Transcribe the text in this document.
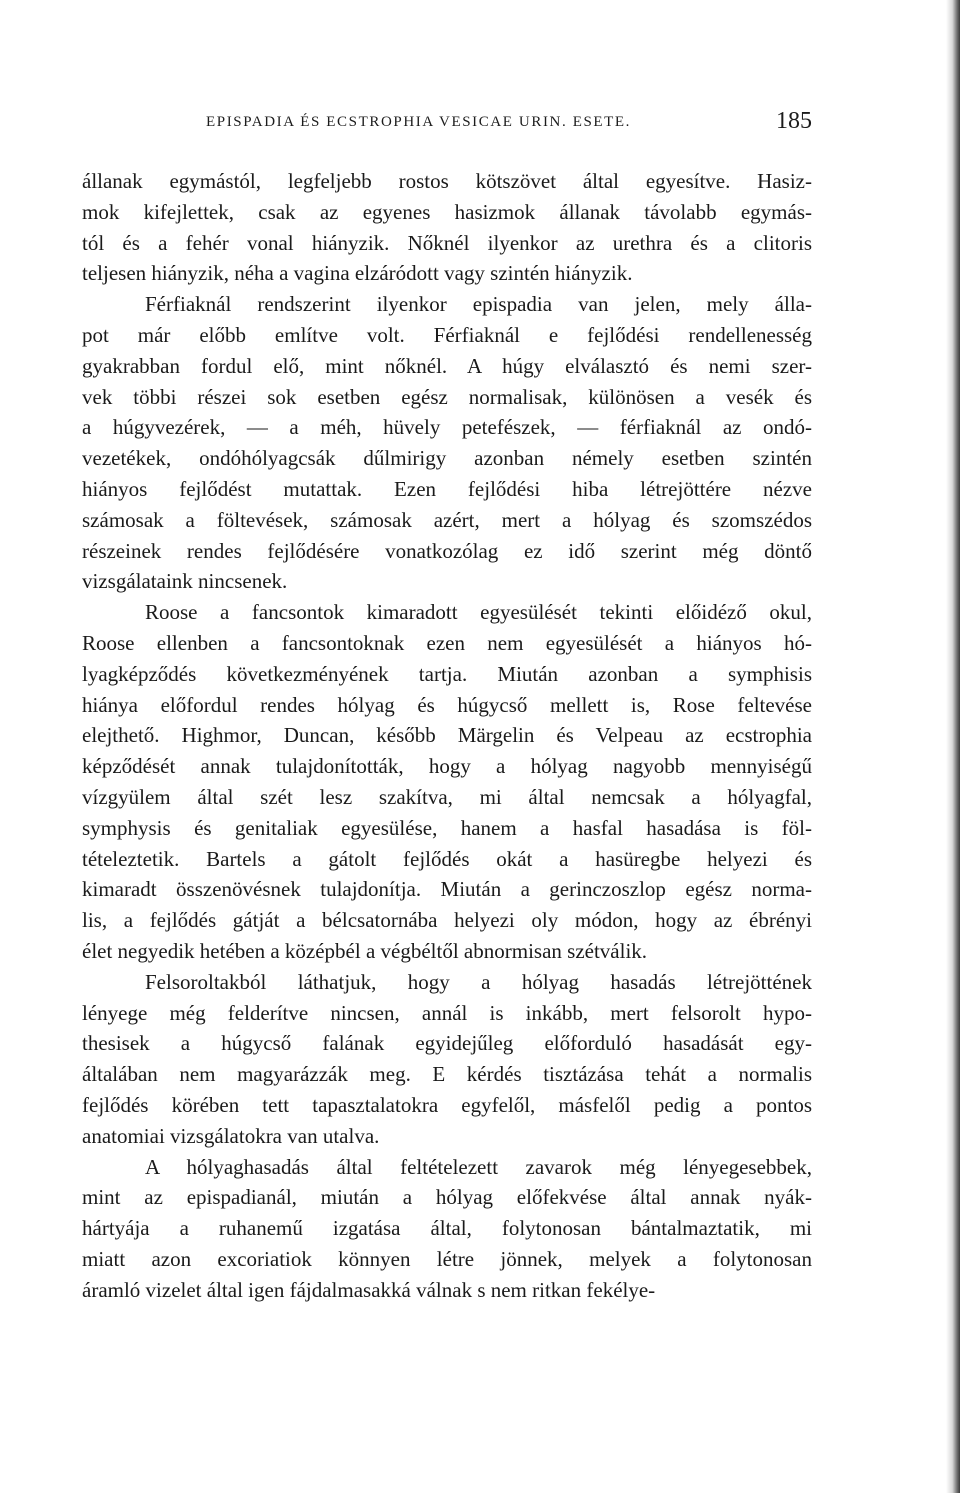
EPISPADIA ÉS ECSTROPHIA VESICAE URIN. ESETE.	185
állanak egymástól, legfeljebb rostos kötszövet által egyesítve. Hasiz-
mok kifejlettek, csak az egyenes hasizmok állanak távolabb egymás-
tól és a fehér vonal hiányzik. Nőknél ilyenkor az urethra és a clitoris
teljesen hiányzik, néha a vagina elzáródott vagy szintén hiányzik.
Férfiaknál rendszerint ilyenkor epispadia van jelen, mely álla-
pot már előbb említve volt. Férfiaknál e fejlődési rendellenesség
gyakrabban fordul elő, mint nőknél. A húgy elválasztó és nemi szer-
vek többi részei sok esetben egész normalisak, különösen a vesék és
a húgyvezérek, — a méh, hüvely petefészek, — férfiaknál az ondó-
vezetékek, ondóhólyagcsák dűlmirigy azonban némely esetben szintén
hiányos fejlődést mutattak. Ezen fejlődési hiba létrejöttére nézve
számosak a föltevések, számosak azért, mert a hólyag és szomszédos
részeinek rendes fejlődésére vonatkozólag ez idő szerint még döntő
vizsgálataink nincsenek.
Roose a fancsontok kimaradott egyesülését tekinti előidéző okul,
Roose ellenben a fancsontoknak ezen nem egyesülését a hiányos hó-
lyagképződés következményének tartja. Miután azonban a symphisis
hiánya előfordul rendes hólyag és húgycső mellett is, Rose feltevése
elejthető. Highmor, Duncan, később Märgelin és Velpeau az ecstrophia
képződését annak tulajdonították, hogy a hólyag nagyobb mennyiségű
vízgyülem által szét lesz szakítva, mi által nemcsak a hólyagfal,
symphysis és genitaliak egyesülése, hanem a hasfal hasadása is föl-
tételeztetik. Bartels a gátolt fejlődés okát a hasüregbe helyezi és
kimaradt összenövésnek tulajdonítja. Miután a gerinczoszlop egész norma-
lis, a fejlődés gátját a bélcsatornába helyezi oly módon, hogy az ébrényi
élet negyedik hetében a középbél a végbéltől abnormisan szétválik.
Felsoroltakból láthatjuk, hogy a hólyag hasadás létrejöttének
lényege még felderítve nincsen, annál is inkább, mert felsorolt hypo-
thesisek a húgycső falának egyidejűleg előforduló hasadását egy-
általában nem magyarázzák meg. E kérdés tisztázása tehát a normalis
fejlődés körében tett tapasztalatokra egyfelől, másfelől pedig a pontos
anatomiai vizsgálatokra van utalva.
A hólyaghasadás által feltételezett zavarok még lényegesebbek,
mint az epispadianál, miután a hólyag előfekvése által annak nyák-
hártyája a ruhanemű izgatása által, folytonosan bántalmaztatik, mi
miatt azon excoriatiok könnyen létre jönnek, melyek a folytonosan
áramló vizelet által igen fájdalmasakká válnak s nem ritkan fekélye-
